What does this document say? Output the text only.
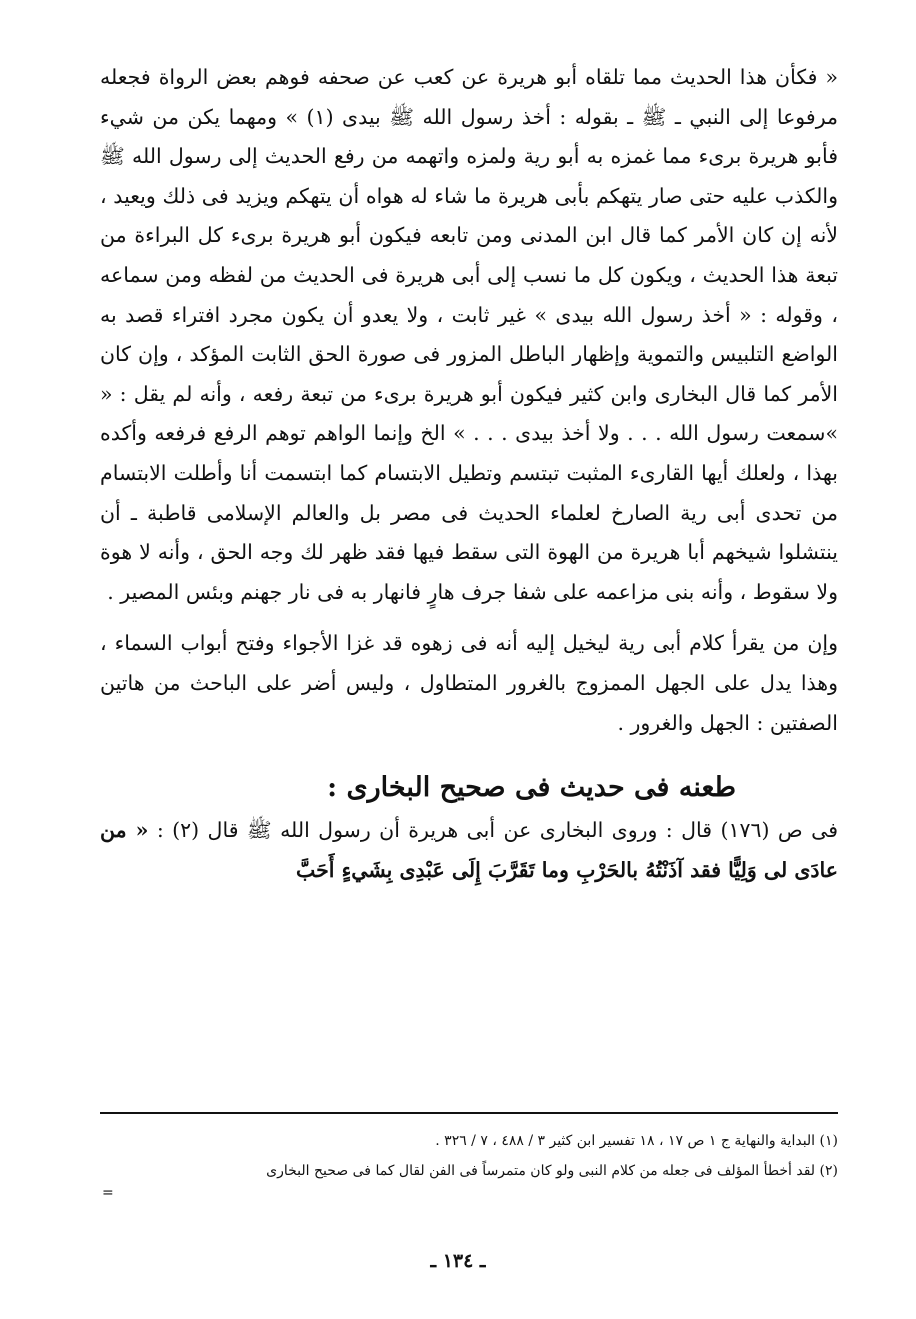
« فكأن هذا الحديث مما تلقاه أبو هريرة عن كعب عن صحفه فوهم بعض الرواة فجعله مرفوعا إلى النبي ـ ﷺ ـ بقوله : أخذ رسول الله ﷺ بيدى (١) » ومهما يكن من شيء فأبو هريرة برىء مما غمزه به أبو رية ولمزه واتهمه من رفع الحديث إلى رسول الله ﷺ والكذب عليه حتى صار يتهكم بأبى هريرة ما شاء له هواه أن يتهكم ويزيد فى ذلك ويعيد ، لأنه إن كان الأمر كما قال ابن المدنى ومن تابعه فيكون أبو هريرة برىء كل البراءة من تبعة هذا الحديث ، ويكون كل ما نسب إلى أبى هريرة فى الحديث من لفظه ومن سماعه ، وقوله : « أخذ رسول الله بيدى » غير ثابت ، ولا يعدو أن يكون مجرد افتراء قصد به الواضع التلبيس والتموية وإظهار الباطل المزور فى صورة الحق الثابت المؤكد ، وإن كان الأمر كما قال البخارى وابن كثير فيكون أبو هريرة برىء من تبعة رفعه ، وأنه لم يقل : « »سمعت رسول الله . . . ولا أخذ بيدى . . . » الخ وإنما الواهم توهم الرفع فرفعه وأكده بهذا ، ولعلك أيها القارىء المثبت تبتسم وتطيل الابتسام كما ابتسمت أنا وأطلت الابتسام من تحدى أبى رية الصارخ لعلماء الحديث فى مصر بل والعالم الإسلامى قاطبة ـ أن ينتشلوا شيخهم أبا هريرة من الهوة التى سقط فيها فقد ظهر لك وجه الحق ، وأنه لا هوة ولا سقوط ، وأنه بنى مزاعمه على شفا جرف هارٍ فانهار به فى نار جهنم وبئس المصير .

وإن من يقرأ كلام أبى رية ليخيل إليه أنه فى زهوه قد غزا الأجواء وفتح أبواب السماء ، وهذا يدل على الجهل الممزوج بالغرور المتطاول ، وليس أضر على الباحث من هاتين الصفتين : الجهل والغرور .

طعنه فى حديث فى صحيح البخارى :

فى ص (١٧٦) قال : وروى البخارى عن أبى هريرة أن رسول الله ﷺ قال (٢) : « من عادَى لى وَلِيًّا فقد آذَنْتُهُ بالحَرْبِ وما تَقَرَّبَ إِلَى عَبْدِى بِشَيءٍ أَحَبَّ

(١) البداية والنهاية ج ١ ص ١٧ ، ١٨ تفسير ابن كثير ٣ / ٤٨٨ ، ٧ / ٣٢٦ .

(٢) لقد أخطأ المؤلف فى جعله من كلام النبى ولو كان متمرساً فى الفن لقال كما فى صحيح البخارى

=

ـ ١٣٤ ـ
